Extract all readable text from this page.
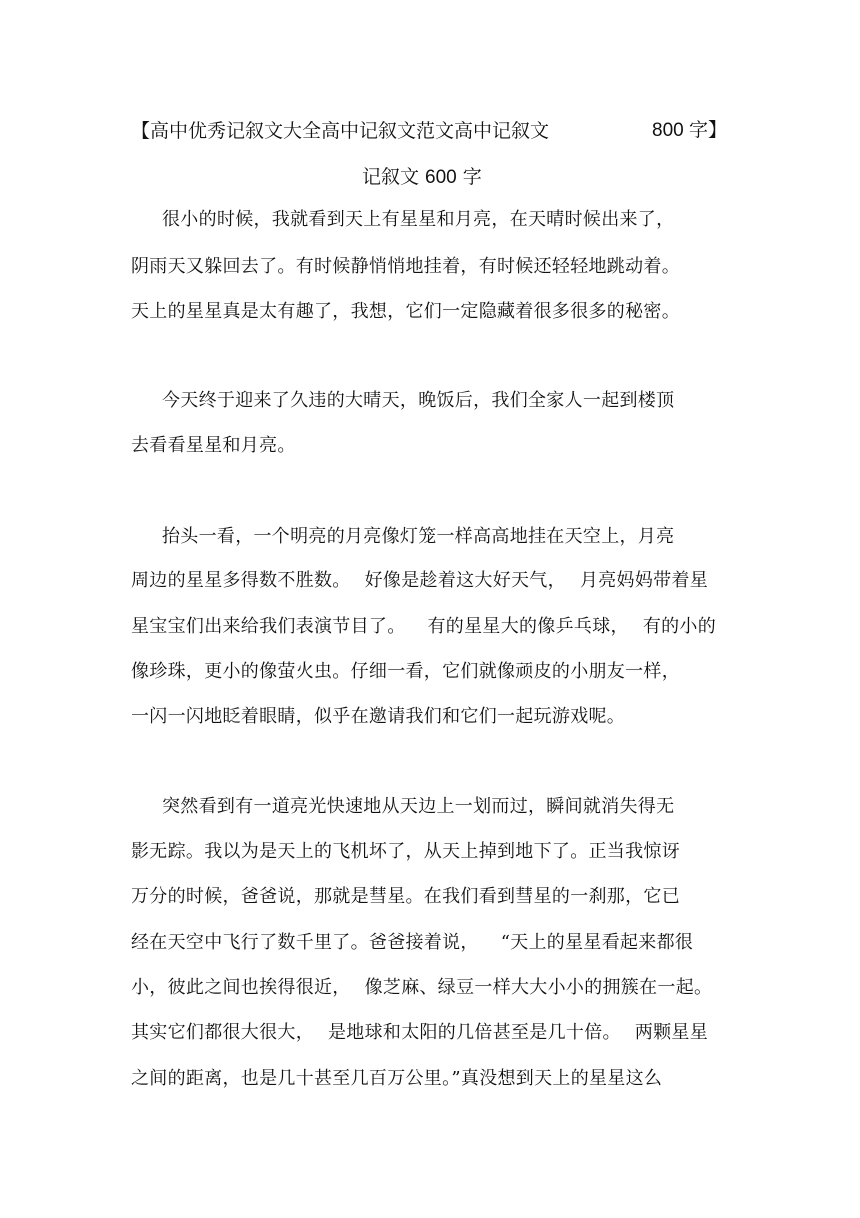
【高中优秀记叙文大全高中记叙文范文高中记叙文	800 字】
记叙文 600 字
很小的时候，我就看到天上有星星和月亮，在天晴时候出来了，
阴雨天又躲回去了。有时候静悄悄地挂着，有时候还轻轻地跳动着。
天上的星星真是太有趣了，我想，它们一定隐藏着很多很多的秘密。
今天终于迎来了久违的大晴天，晚饭后，我们全家人一起到楼顶
去看看星星和月亮。
抬头一看，一个明亮的月亮像灯笼一样高高地挂在天空上，月亮
周边的星星多得数不胜数。 好像是趁着这大好天气， 月亮妈妈带着星
星宝宝们出来给我们表演节目了。 有的星星大的像乒乓球， 有的小的
像珍珠，更小的像萤火虫。仔细一看，它们就像顽皮的小朋友一样，
一闪一闪地眨着眼睛，似乎在邀请我们和它们一起玩游戏呢。
突然看到有一道亮光快速地从天边上一划而过，瞬间就消失得无
影无踪。我以为是天上的飞机坏了，从天上掉到地下了。正当我惊讶
万分的时候，爸爸说，那就是彗星。在我们看到彗星的一刹那，它已
经在天空中飞行了数千里了。爸爸接着说， “天上的星星看起来都很
小，彼此之间也挨得很近， 像芝麻、绿豆一样大大小小的拥簇在一起。
其实它们都很大很大， 是地球和太阳的几倍甚至是几十倍。 两颗星星
之间的距离，也是几十甚至几百万公里。”真没想到天上的星星这么
